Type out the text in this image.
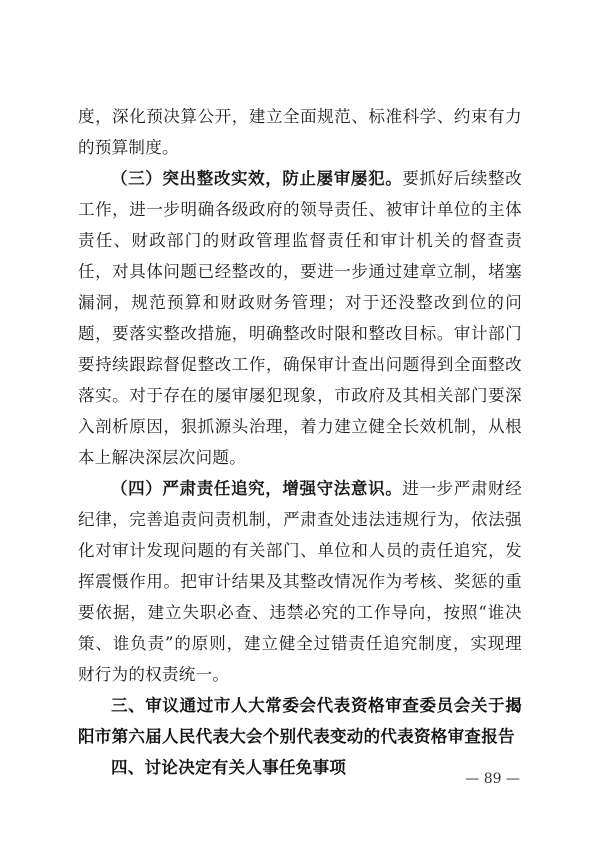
度，深化预决算公开，建立全面规范、标准科学、约束有力的预算制度。

（三）突出整改实效，防止屡审屡犯。要抓好后续整改工作，进一步明确各级政府的领导责任、被审计单位的主体责任、财政部门的财政管理监督责任和审计机关的督查责任，对具体问题已经整改的，要进一步通过建章立制，堵塞漏洞，规范预算和财政财务管理；对于还没整改到位的问题，要落实整改措施，明确整改时限和整改目标。审计部门要持续跟踪督促整改工作，确保审计查出问题得到全面整改落实。对于存在的屡审屡犯现象，市政府及其相关部门要深入剖析原因，狠抓源头治理，着力建立健全长效机制，从根本上解决深层次问题。

（四）严肃责任追究，增强守法意识。进一步严肃财经纪律，完善追责问责机制，严肃查处违法违规行为，依法强化对审计发现问题的有关部门、单位和人员的责任追究，发挥震慑作用。把审计结果及其整改情况作为考核、奖惩的重要依据，建立失职必查、违禁必究的工作导向，按照“谁决策、谁负责”的原则，建立健全过错责任追究制度，实现理财行为的权责统一。

三、审议通过市人大常委会代表资格审查委员会关于揭阳市第六届人民代表大会个别代表变动的代表资格审查报告

四、讨论决定有关人事任免事项

— 89 —
